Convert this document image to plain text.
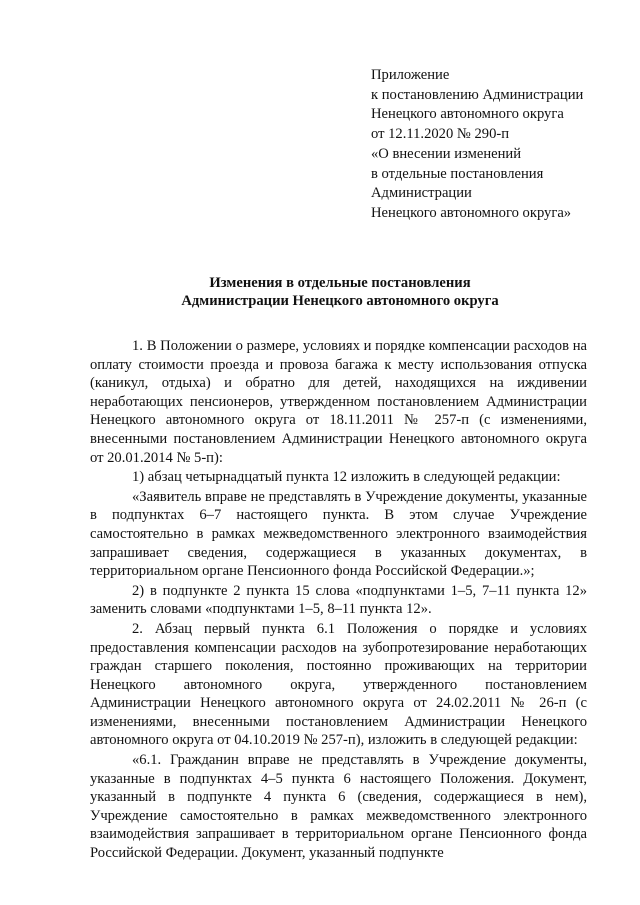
Приложение
к постановлению Администрации
Ненецкого автономного округа
от 12.11.2020 № 290-п
«О внесении изменений
в отдельные постановления
Администрации
Ненецкого автономного округа»
Изменения в отдельные постановления
Администрации Ненецкого автономного округа

1. В Положении о размере, условиях и порядке компенсации расходов на оплату стоимости проезда и провоза багажа к месту использования отпуска (каникул, отдыха) и обратно для детей, находящихся на иждивении неработающих пенсионеров, утвержденном постановлением Администрации Ненецкого автономного округа от 18.11.2011 № 257-п (с изменениями, внесенными постановлением Администрации Ненецкого автономного округа от 20.01.2014 № 5-п):

1) абзац четырнадцатый пункта 12 изложить в следующей редакции:

«Заявитель вправе не представлять в Учреждение документы, указанные в подпунктах 6–7 настоящего пункта. В этом случае Учреждение самостоятельно в рамках межведомственного электронного взаимодействия запрашивает сведения, содержащиеся в указанных документах, в территориальном органе Пенсионного фонда Российской Федерации.»;

2) в подпункте 2 пункта 15 слова «подпунктами 1–5, 7–11 пункта 12» заменить словами «подпунктами 1–5, 8–11 пункта 12».

2. Абзац первый пункта 6.1 Положения о порядке и условиях предоставления компенсации расходов на зубопротезирование неработающих граждан старшего поколения, постоянно проживающих на территории Ненецкого автономного округа, утвержденного постановлением Администрации Ненецкого автономного округа от 24.02.2011 № 26-п (с изменениями, внесенными постановлением Администрации Ненецкого автономного округа от 04.10.2019 № 257-п), изложить в следующей редакции:

«6.1. Гражданин вправе не представлять в Учреждение документы, указанные в подпунктах 4–5 пункта 6 настоящего Положения. Документ, указанный в подпункте 4 пункта 6 (сведения, содержащиеся в нем), Учреждение самостоятельно в рамках межведомственного электронного взаимодействия запрашивает в территориальном органе Пенсионного фонда Российской Федерации. Документ, указанный подпункте
